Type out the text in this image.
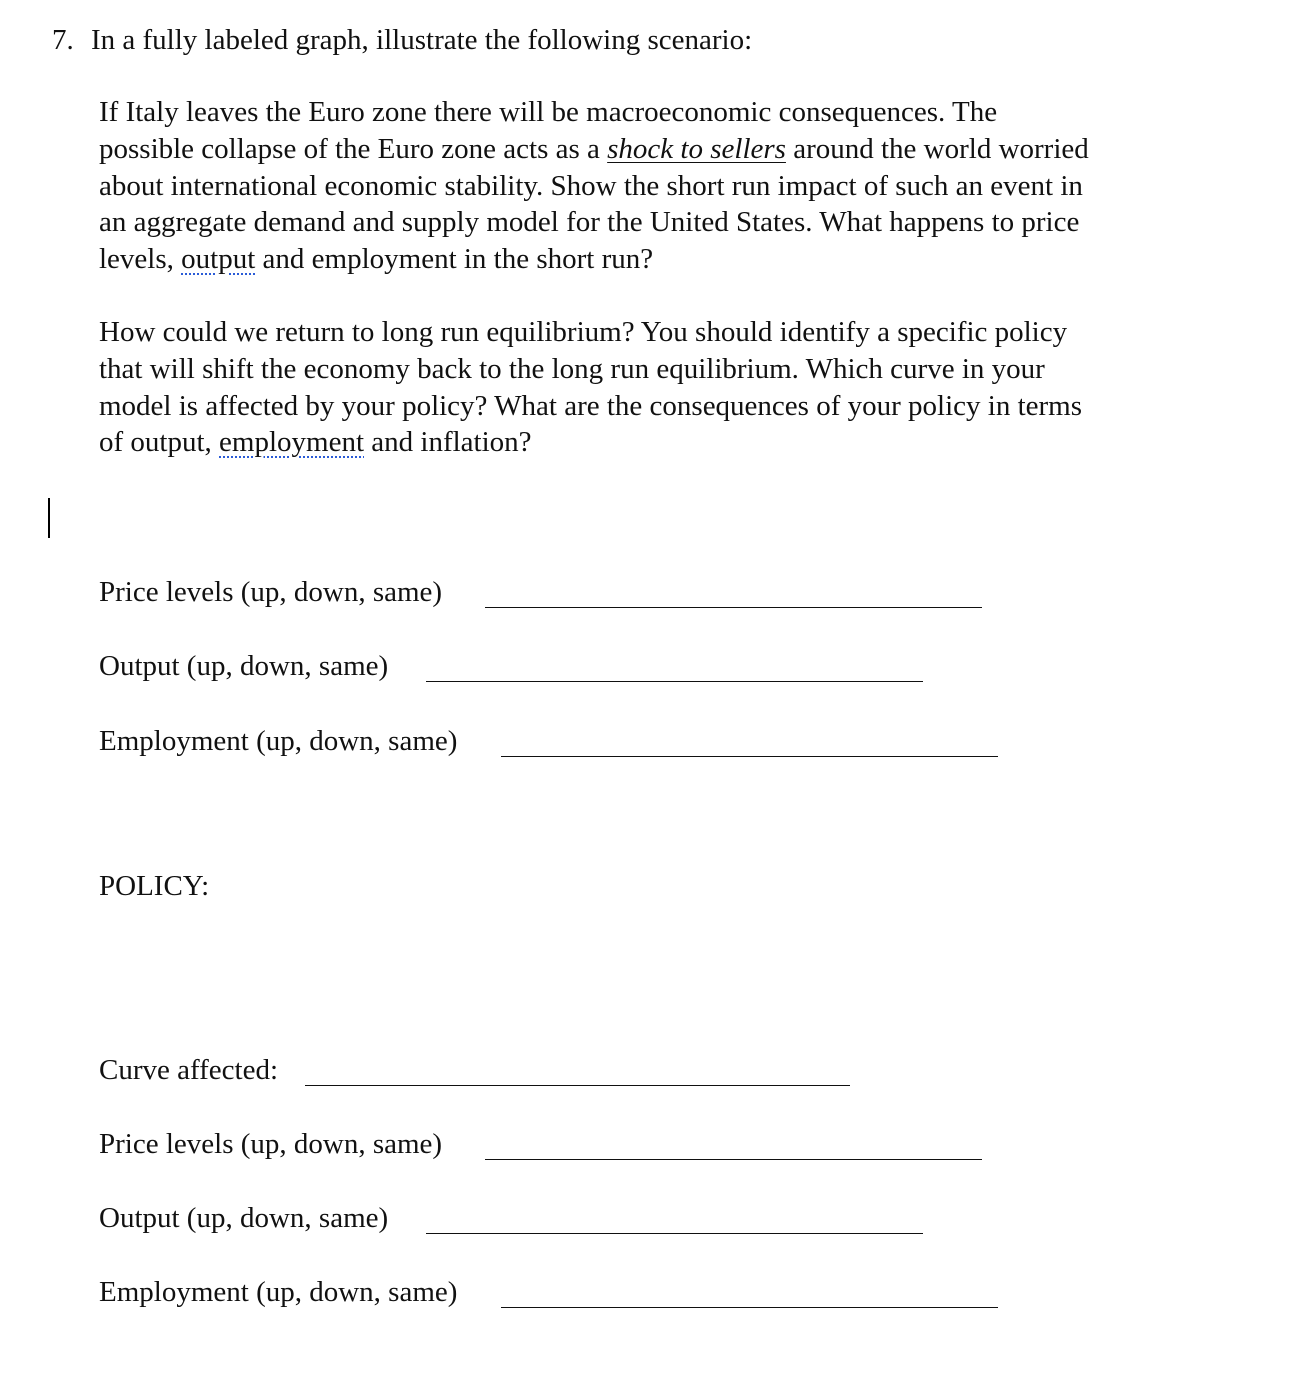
7. In a fully labeled graph, illustrate the following scenario:
If Italy leaves the Euro zone there will be macroeconomic consequences. The
possible collapse of the Euro zone acts as a shock to sellers around the world worried
about international economic stability. Show the short run impact of such an event in
an aggregate demand and supply model for the United States. What happens to price
levels, output and employment in the short run?
How could we return to long run equilibrium? You should identify a specific policy
that will shift the economy back to the long run equilibrium. Which curve in your
model is affected by your policy? What are the consequences of your policy in terms
of output, employment and inflation?
Price levels (up, down, same)
Output (up, down, same)
Employment (up, down, same)
POLICY:
Curve affected:
Price levels (up, down, same)
Output (up, down, same)
Employment (up, down, same)
